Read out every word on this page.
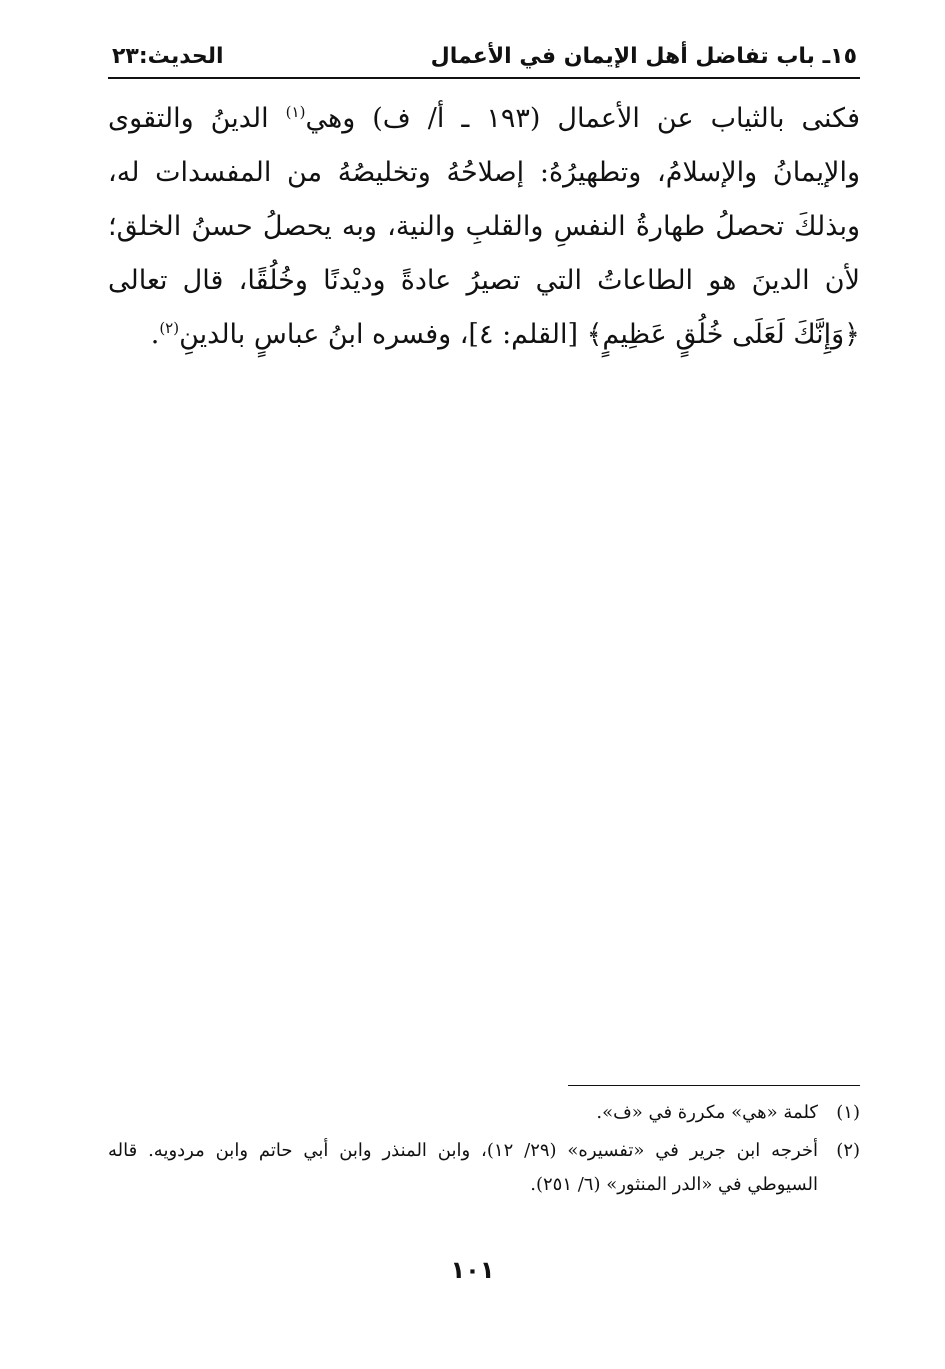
١٥ـ باب تفاضل أهل الإيمان في الأعمال
الحديث:٢٣

فكنى بالثياب عن الأعمال (١٩٣ ـ أ/ ف) وهي$^{(١)}$ الدينُ والتقوى والإيمانُ والإسلامُ، وتطهيرُهُ: إصلاحُهُ وتخليصُهُ من المفسدات له، وبذلكَ تحصلُ طهارةُ النفسِ والقلبِ والنية، وبه يحصلُ حسنُ الخلق؛ لأن الدينَ هو الطاعاتُ التي تصيرُ عادةً وديْدنًا وخُلُقًا، قال تعالى ﴿وَإِنَّكَ لَعَلَى خُلُقٍ عَظِيمٍ﴾ [القلم: ٤]، وفسره ابنُ عباسٍ بالدينِ$^{(٢)}$.

(١)كلمة «هي» مكررة في «ف».

(٢)أخرجه ابن جرير في «تفسيره» (٢٩/ ١٢)، وابن المنذر وابن أبي حاتم وابن مردويه. قاله السيوطي في «الدر المنثور» (٦/ ٢٥١).

١٠١
